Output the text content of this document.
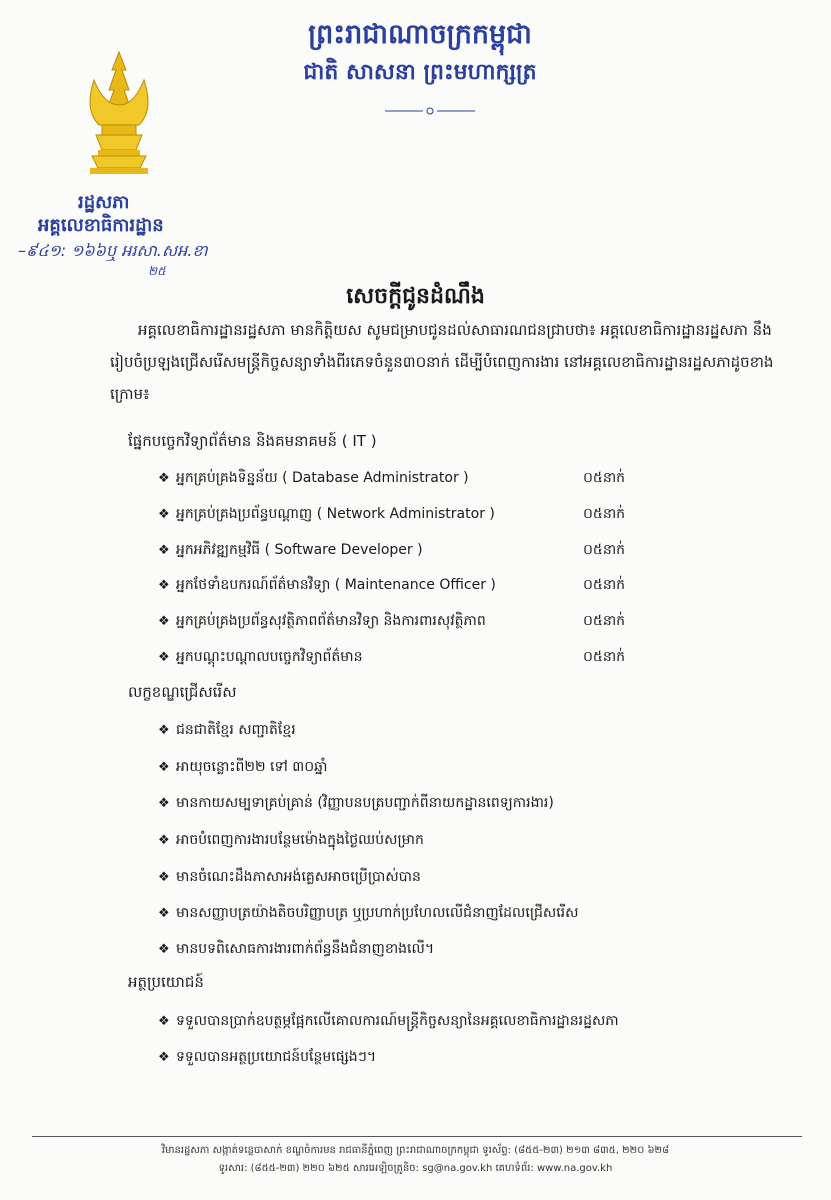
ព្រះរាជាណាចក្រកម្ពុជា
ជាតិ សាសនា ព្រះមហាក្សត្រ
រដ្ឋសភា
អគ្គលេខាធិការដ្ឋាន
–៩៤១: ១៦៦ឬ អរសា.សអ.ខា
២៥
សេចក្តីជូនដំណឹង
អគ្គលេខាធិការដ្ឋានរដ្ឋសភា មានកិត្តិយស សូមជម្រាបជូនដល់សាធារណជនជ្រាបថា៖ អគ្គលេខាធិការដ្ឋានរដ្ឋសភា នឹងរៀបចំប្រឡងជ្រើសរើសមន្ត្រីកិច្ចសន្យាទាំងពីរភេទចំនួន៣០នាក់ ដើម្បីបំពេញការងារ នៅអគ្គលេខាធិការដ្ឋានរដ្ឋសភាដូចខាងក្រោម៖
ផ្នែកបច្ចេកវិទ្យាព័ត៌មាន និងគមនាគមន៍ ( IT )
❖ អ្នកគ្រប់គ្រងទិន្នន័យ ( Database Administrator )	០៥នាក់
❖ អ្នកគ្រប់គ្រងប្រព័ន្ធបណ្តាញ ( Network Administrator )	០៥នាក់
❖ អ្នកអភិវឌ្ឍកម្មវិធី ( Software Developer )	០៥នាក់
❖ អ្នកថែទាំឧបករណ៍ព័ត៌មានវិទ្យា ( Maintenance Officer )	០៥នាក់
❖ អ្នកគ្រប់គ្រងប្រព័ន្ធសុវត្ថិភាពព័ត៌មានវិទ្យា និងការពារសុវត្ថិភាព	០៥នាក់
❖ អ្នកបណ្តុះបណ្តាលបច្ចេកវិទ្យាព័ត៌មាន	០៥នាក់
លក្ខខណ្ឌជ្រើសរើស
❖ ជនជាតិខ្មែរ សញ្ជាតិខ្មែរ
❖ អាយុចន្លោះពី២២ ទៅ ៣០ឆ្នាំ
❖ មានកាយសម្បទាគ្រប់គ្រាន់ (វិញ្ញាបនបត្របញ្ជាក់ពីនាយកដ្ឋានពេទ្យការងារ)
❖ អាចបំពេញការងារបន្ថែមម៉ោងក្នុងថ្ងៃឈប់សម្រាក
❖ មានចំណេះដឹងភាសាអង់គ្លេសអាចប្រើប្រាស់បាន
❖ មានសញ្ញាបត្រយ៉ាងតិចបរិញ្ញាបត្រ ឬប្រហាក់ប្រហែលលើជំនាញដែលជ្រើសរើស
❖ មានបទពិសោធការងារពាក់ព័ន្ធនឹងជំនាញខាងលើ។
អត្ថប្រយោជន៍
❖ ទទួលបានប្រាក់ឧបត្ថម្ភផ្អែកលើគោលការណ៍មន្ត្រីកិច្ចសន្យានៃអគ្គលេខាធិការដ្ឋានរដ្ឋសភា
❖ ទទួលបានអត្ថប្រយោជន៍បន្ថែមផ្សេងៗ។
វិមានរដ្ឋសភា សង្កាត់ទន្លេបាសាក់ ខណ្ឌចំការមន រាជធានីភ្នំពេញ ព្រះរាជាណាចក្រកម្ពុជា ទូរស័ព្ទ: (៨៥៥-២៣) ២១៣ ៨៣៥, ២២០ ៦២៨
ទូរសារ: (៨៥៥-២៣) ២២០ ៦២៥ សារអេឡិចត្រូនិច: sg@na.gov.kh គេហទំព័រ: www.na.gov.kh
